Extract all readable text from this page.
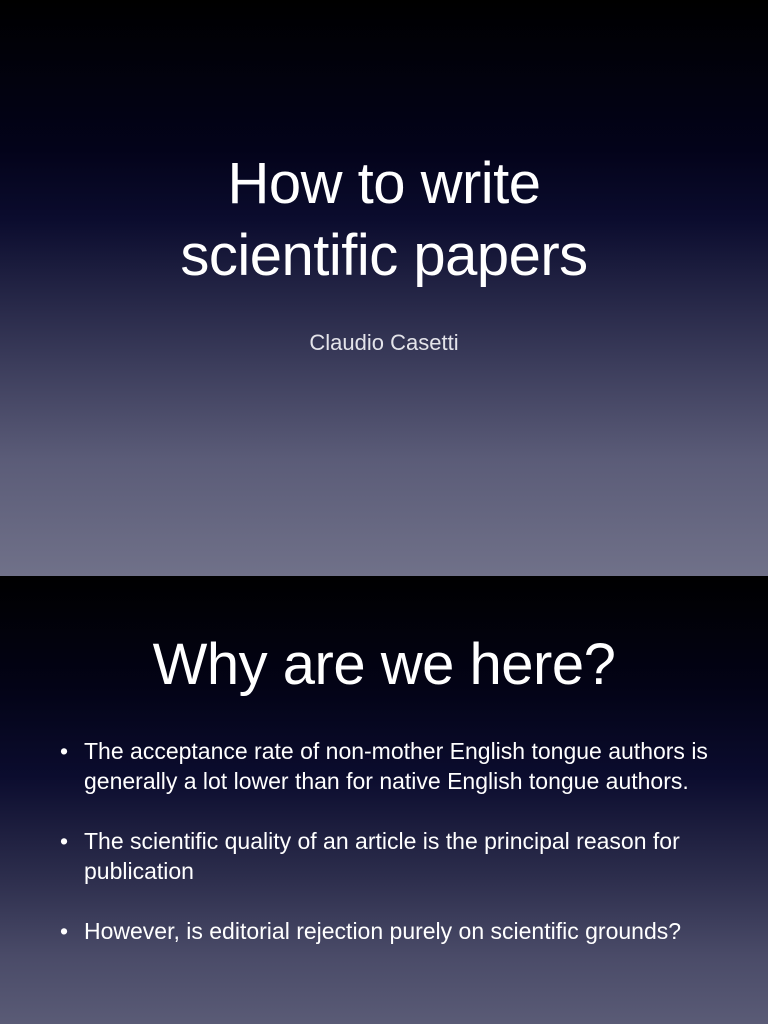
How to write
scientific papers

Claudio Casetti

Why are we here?
• The acceptance rate of non-mother English tongue authors is generally a lot lower than for native English tongue authors.
• The scientific quality of an article is the principal reason for publication
• However, is editorial rejection purely on scientific grounds?
